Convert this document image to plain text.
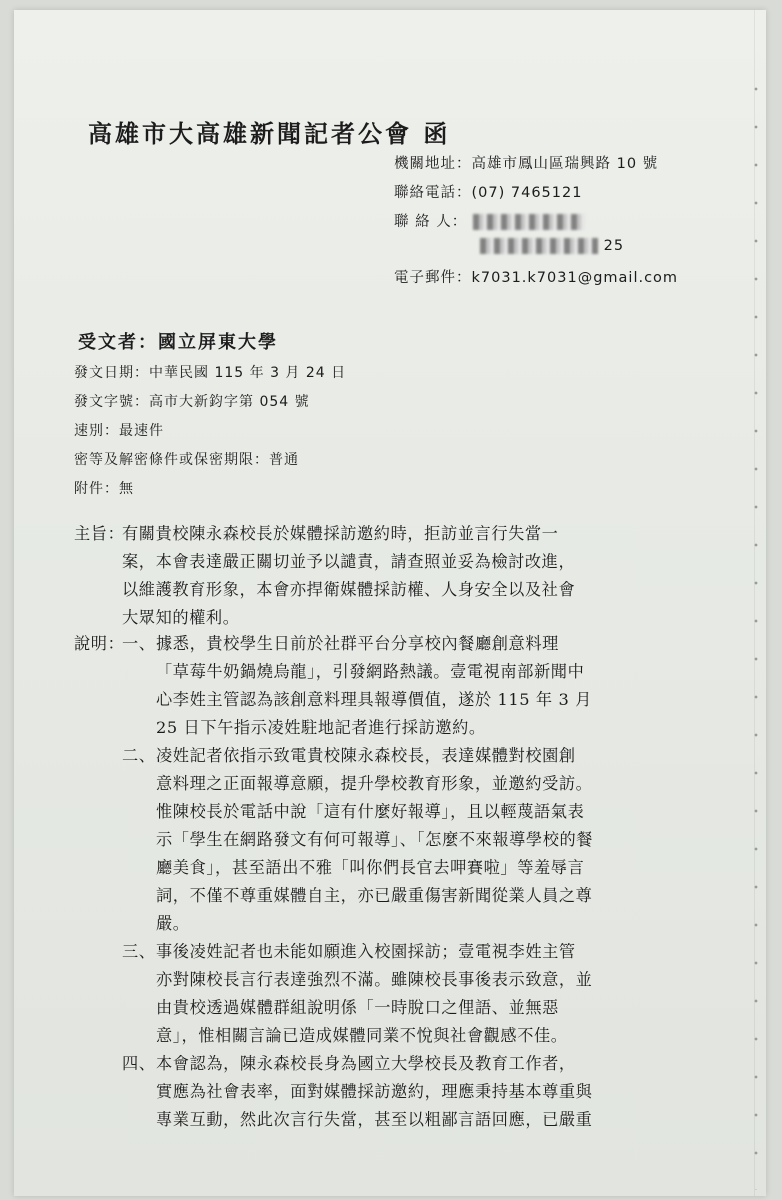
高雄市大高雄新聞記者公會 函
機關地址：高雄市鳳山區瑞興路 10 號
聯絡電話：(07) 7465121
聯 絡 人：
25
電子郵件：k7031.k7031@gmail.com
受文者：國立屏東大學
發文日期：中華民國 115 年 3 月 24 日
發文字號：高市大新鈞字第 054 號
速別：最速件
密等及解密條件或保密期限：普通
附件：無
主旨：
有關貴校陳永森校長於媒體採訪邀約時，拒訪並言行失當一
案，本會表達嚴正關切並予以譴責，請查照並妥為檢討改進，
以維護教育形象，本會亦捍衛媒體採訪權、人身安全以及社會
大眾知的權利。
說明：
一、 據悉，貴校學生日前於社群平台分享校內餐廳創意料理
「草莓牛奶鍋燒烏龍」，引發網路熱議。壹電視南部新聞中
心李姓主管認為該創意料理具報導價值，遂於 115 年 3 月
25 日下午指示凌姓駐地記者進行採訪邀約。
二、 凌姓記者依指示致電貴校陳永森校長，表達媒體對校園創
意料理之正面報導意願，提升學校教育形象，並邀約受訪。
惟陳校長於電話中說「這有什麼好報導」，且以輕蔑語氣表
示「學生在網路發文有何可報導」、「怎麼不來報導學校的餐
廳美食」，甚至語出不雅「叫你們長官去呷賽啦」等羞辱言
詞，不僅不尊重媒體自主，亦已嚴重傷害新聞從業人員之尊
嚴。
三、 事後凌姓記者也未能如願進入校園採訪；壹電視李姓主管
亦對陳校長言行表達強烈不滿。雖陳校長事後表示致意，並
由貴校透過媒體群組說明係「一時脫口之俚語、並無惡
意」，惟相關言論已造成媒體同業不悅與社會觀感不佳。
四、 本會認為，陳永森校長身為國立大學校長及教育工作者，
實應為社會表率，面對媒體採訪邀約，理應秉持基本尊重與
專業互動，然此次言行失當，甚至以粗鄙言語回應，已嚴重
